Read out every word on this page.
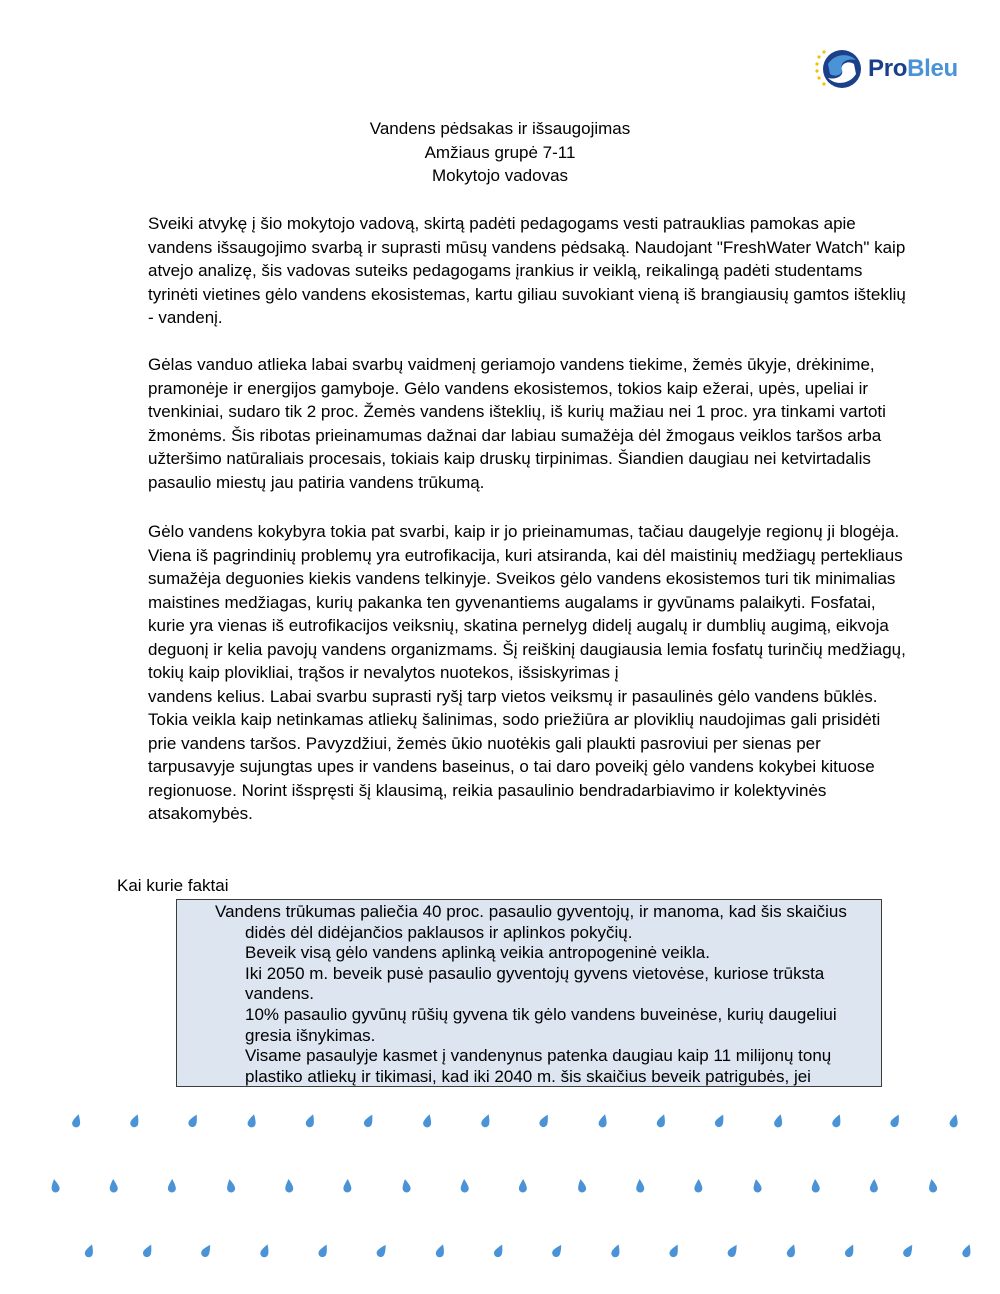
ProBleu
Vandens pėdsakas ir išsaugojimas
Amžiaus grupė 7-11
Mokytojo vadovas

Sveiki atvykę į šio mokytojo vadovą, skirtą padėti pedagogams vesti patrauklias pamokas apie vandens išsaugojimo svarbą ir suprasti mūsų vandens pėdsaką. Naudojant "FreshWater Watch" kaip atvejo analizę, šis vadovas suteiks pedagogams įrankius ir veiklą, reikalingą padėti studentams tyrinėti vietines gėlo vandens ekosistemas, kartu giliau suvokiant vieną iš brangiausių gamtos išteklių - vandenį.

Gėlas vanduo atlieka labai svarbų vaidmenį geriamojo vandens tiekime, žemės ūkyje, drėkinime, pramonėje ir energijos gamyboje. Gėlo vandens ekosistemos, tokios kaip ežerai, upės, upeliai ir tvenkiniai, sudaro tik 2 proc. Žemės vandens išteklių, iš kurių mažiau nei 1 proc. yra tinkami vartoti žmonėms. Šis ribotas prieinamumas dažnai dar labiau sumažėja dėl žmogaus veiklos taršos arba užteršimo natūraliais procesais, tokiais kaip druskų tirpinimas. Šiandien daugiau nei ketvirtadalis pasaulio miestų jau patiria vandens trūkumą.

Gėlo vandens kokybyra tokia pat svarbi, kaip ir jo prieinamumas, tačiau daugelyje regionų ji blogėja. Viena iš pagrindinių problemų yra eutrofikacija, kuri atsiranda, kai dėl maistinių medžiagų pertekliaus sumažėja deguonies kiekis vandens telkinyje. Sveikos gėlo vandens ekosistemos turi tik minimalias maistines medžiagas, kurių pakanka ten gyvenantiems augalams ir gyvūnams palaikyti. Fosfatai, kurie yra vienas iš eutrofikacijos veiksnių, skatina pernelyg didelį augalų ir dumblių augimą, eikvoja deguonį ir kelia pavojų vandens organizmams. Šį reiškinį daugiausia lemia fosfatų turinčių medžiagų, tokių kaip plovikliai, trąšos ir nevalytos nuotekos, išsiskyrimas į

vandens kelius. Labai svarbu suprasti ryšį tarp vietos veiksmų ir pasaulinės gėlo vandens būklės. Tokia veikla kaip netinkamas atliekų šalinimas, sodo priežiūra ar ploviklių naudojimas gali prisidėti prie vandens taršos. Pavyzdžiui, žemės ūkio nuotėkis gali plaukti pasroviui per sienas per tarpusavyje sujungtas upes ir vandens baseinus, o tai daro poveikį gėlo vandens kokybei kituose regionuose. Norint išspręsti šį klausimą, reikia pasaulinio bendradarbiavimo ir kolektyvinės atsakomybės.

Kai kurie faktai

Vandens trūkumas paliečia 40 proc. pasaulio gyventojų, ir manoma, kad šis skaičius didės dėl didėjančios paklausos ir aplinkos pokyčių.

Beveik visą gėlo vandens aplinką veikia antropogeninė veikla.

Iki 2050 m. beveik pusė pasaulio gyventojų gyvens vietovėse, kuriose trūksta vandens.

10% pasaulio gyvūnų rūšių gyvena tik gėlo vandens buveinėse, kurių daugeliui gresia išnykimas.

Visame pasaulyje kasmet į vandenynus patenka daugiau kaip 11 milijonų tonų plastiko atliekų ir tikimasi, kad iki 2040 m. šis skaičius beveik patrigubės, jei
